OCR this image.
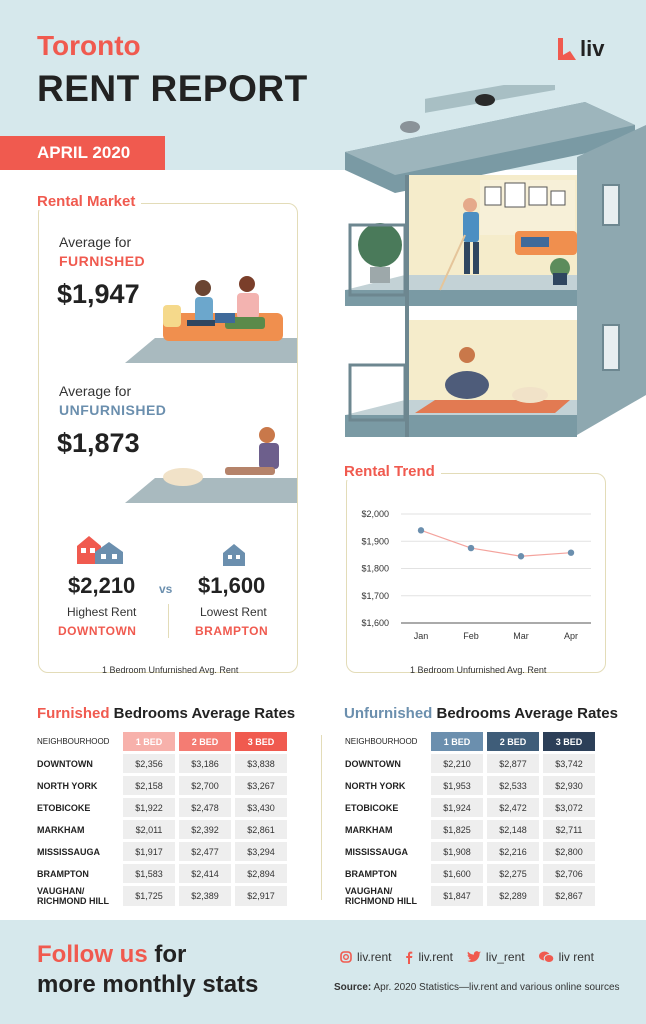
Toronto
RENT REPORT
liv
APRIL 2020
Rental Market
Average for
FURNISHED
$1,947
Average for
UNFURNISHED
$1,873
$2,210 vs $1,600
Highest Rent	Lowest Rent
DOWNTOWN	BRAMPTON
1 Bedroom Unfurnished Avg. Rent
Rental Trend
$2,000
$1,900
$1,800
$1,700
$1,600
Jan	Feb	Mar	Apr
1 Bedroom Unfurnished Avg. Rent
Furnished Bedrooms Average Rates
NEIGHBOURHOOD	1 BED	2 BED	3 BED
DOWNTOWN	$2,356	$3,186	$3,838
NORTH YORK	$2,158	$2,700	$3,267
ETOBICOKE	$1,922	$2,478	$3,430
MARKHAM	$2,011	$2,392	$2,861
MISSISSAUGA	$1,917	$2,477	$3,294
BRAMPTON	$1,583	$2,414	$2,894
VAUGHAN/ RICHMOND HILL	$1,725	$2,389	$2,917
Unfurnished Bedrooms Average Rates
NEIGHBOURHOOD	1 BED	2 BED	3 BED
DOWNTOWN	$2,210	$2,877	$3,742
NORTH YORK	$1,953	$2,533	$2,930
ETOBICOKE	$1,924	$2,472	$3,072
MARKHAM	$1,825	$2,148	$2,711
MISSISSAUGA	$1,908	$2,216	$2,800
BRAMPTON	$1,600	$2,275	$2,706
VAUGHAN/ RICHMOND HILL	$1,847	$2,289	$2,867
Follow us for
more monthly stats
liv.rent liv.rent	liv_rent	liv rent
Source: Apr. 2020 Statistics—liv.rent and various online sources
